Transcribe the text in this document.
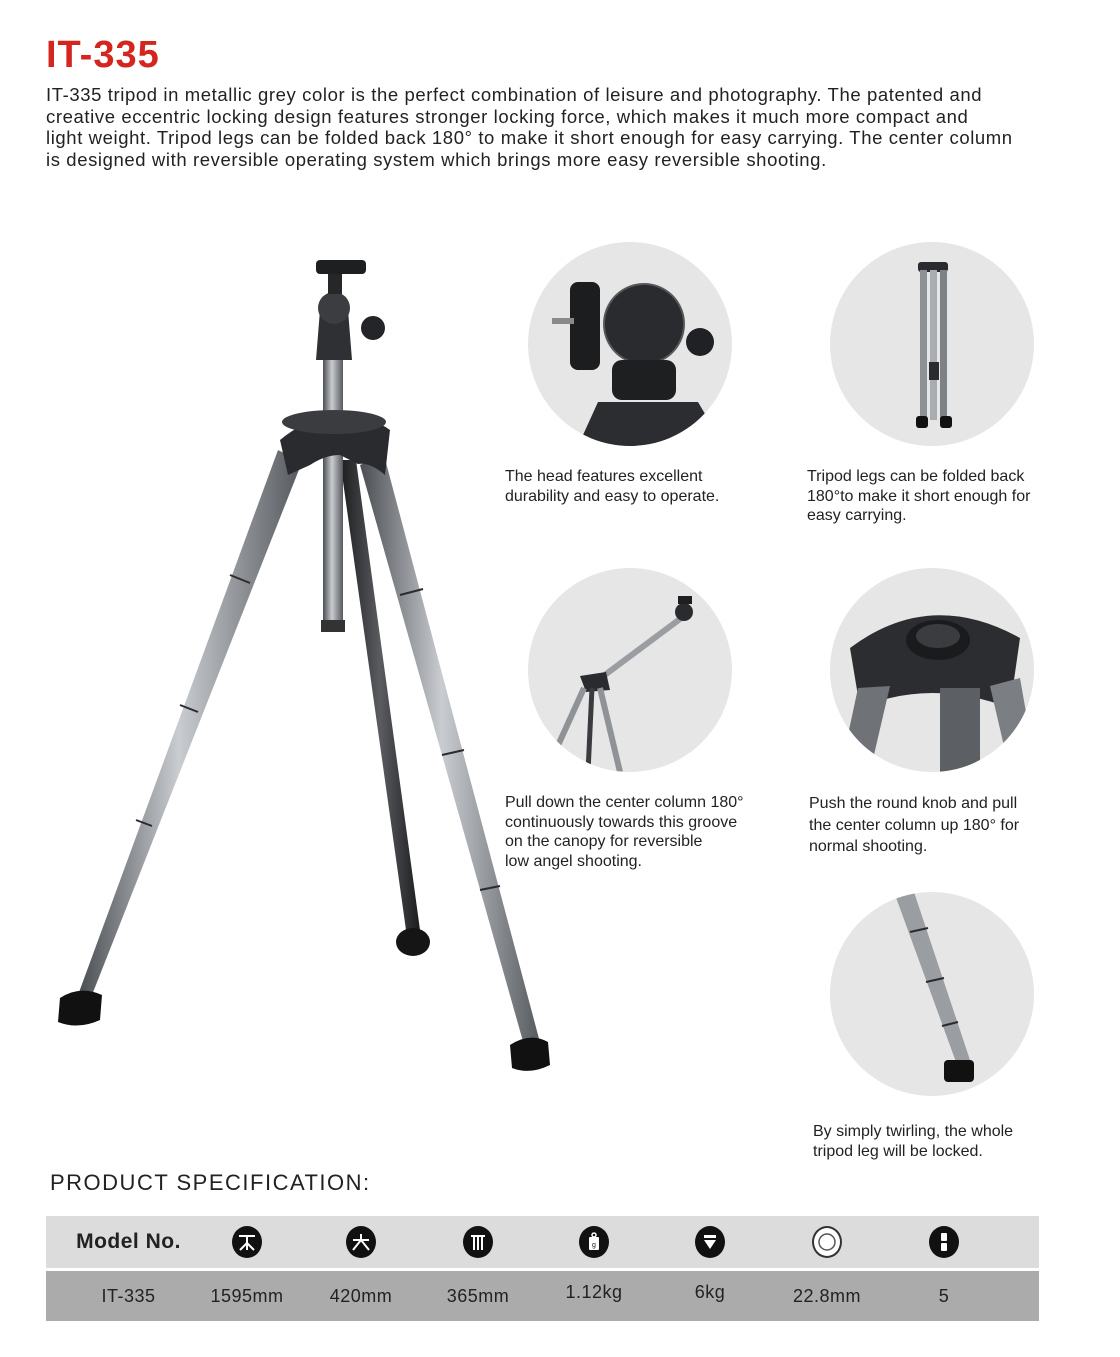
IT-335

IT-335 tripod in metallic grey color is the perfect combination of leisure and photography. The patented and

creative eccentric locking design features stronger locking force, which makes it much more compact and

light weight. Tripod legs can be folded back 180° to make it short enough for easy carrying. The center column

is designed with reversible operating system which brings more easy reversible shooting.

The head features excellent
durability and easy to operate.
Tripod legs can be folded back
180°to make it short enough for
easy carrying.
Pull down the center column 180°
continuously towards this groove
on the canopy for reversible
low angel shooting.
Push the round knob and pull
the center column up 180° for
normal shooting.
By simply twirling, the whole
tripod leg will be locked.
PRODUCT SPECIFICATION:
Model No.	g
IT-335	1595mm	420mm	365mm	1.12kg	6kg	22.8mm	5
